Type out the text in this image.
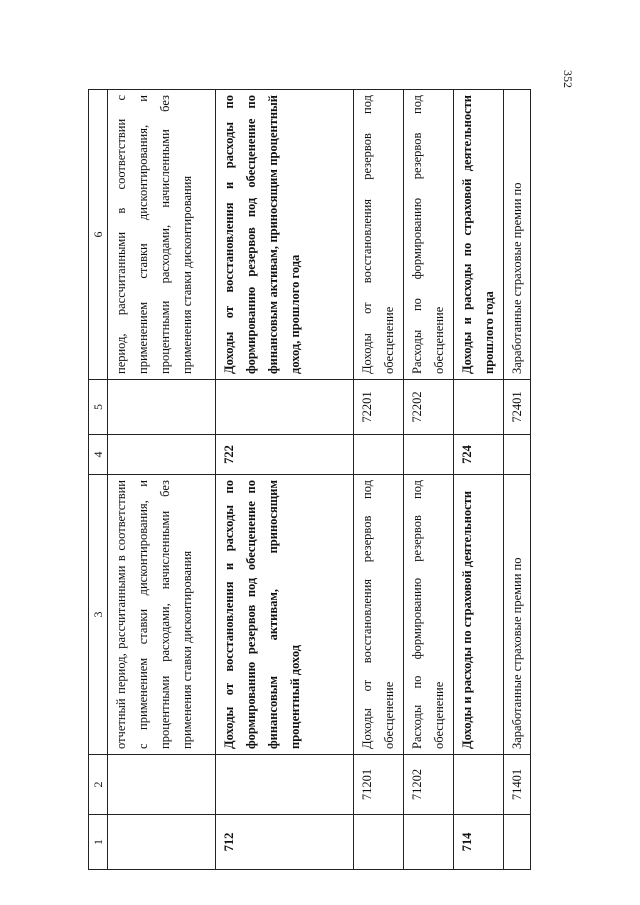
352
1	2	3	4	5	6
		отчетный период, рассчитанными в соответствии с применением ставки дисконтирования, и процентными расходами, начисленными без применения ставки дисконтирования			период, рассчитанными в соответствии с применением ставки дисконтирования, и процентными расходами, начисленными без применения ставки дисконтирования
712		Доходы от восстановления и расходы по формированию резервов под обесценение по финансовым активам, приносящим процентный доход	722		Доходы от восстановления и расходы по формированию резервов под обесценение по финансовым активам, приносящим процентный доход, прошлого года
	71201	Доходы от восстановления резервов под обесценение		72201	Доходы от восстановления резервов под обесценение
	71202	Расходы по формированию резервов под обесценение		72202	Расходы по формированию резервов под обесценение
714		Доходы и расходы по страховой деятельности	724		Доходы и расходы по страховой деятельности прошлого года
	71401	Заработанные страховые премии по		72401	Заработанные страховые премии по
